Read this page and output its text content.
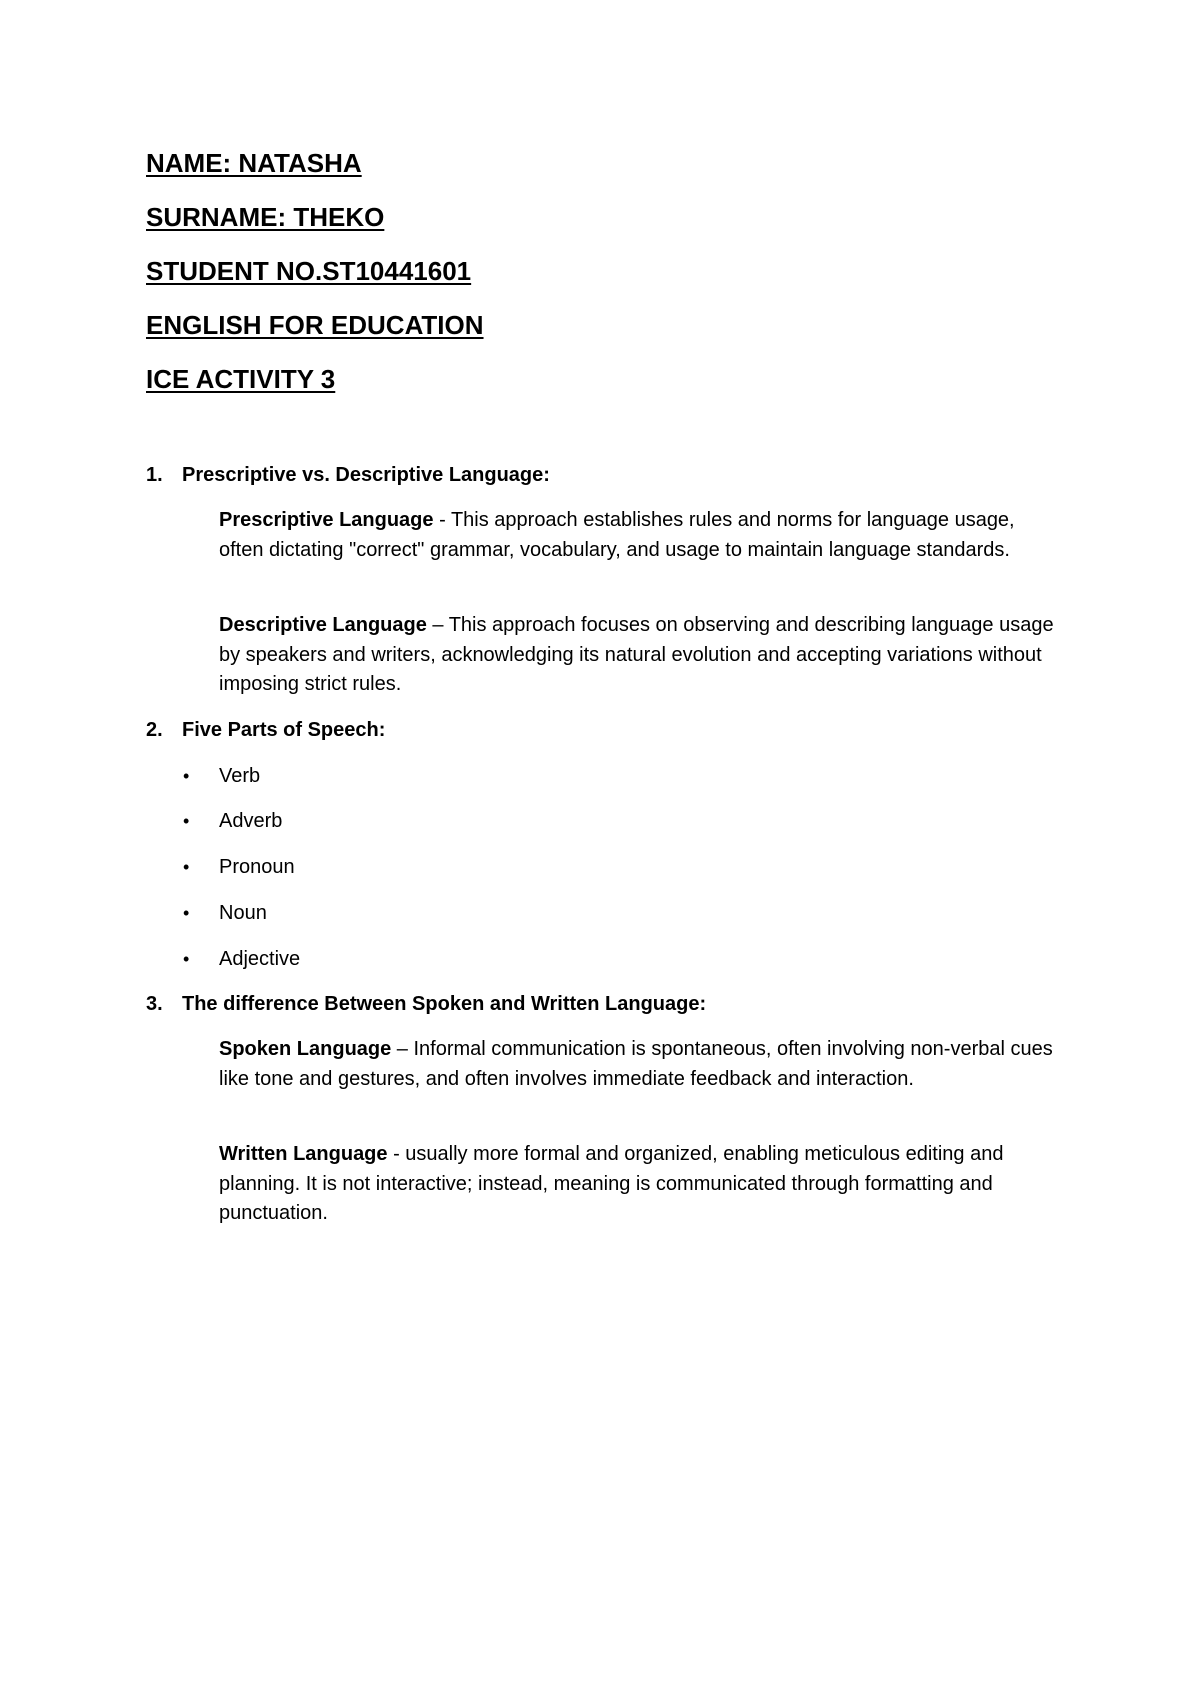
NAME: NATASHA
SURNAME: THEKO
STUDENT NO.ST10441601
ENGLISH FOR EDUCATION
ICE ACTIVITY 3
1. Prescriptive vs. Descriptive Language:
Prescriptive Language - This approach establishes rules and norms for language usage, often dictating "correct" grammar, vocabulary, and usage to maintain language standards.
Descriptive Language – This approach focuses on observing and describing language usage by speakers and writers, acknowledging its natural evolution and accepting variations without imposing strict rules.
2. Five Parts of Speech:
• Verb
• Adverb
• Pronoun
• Noun
• Adjective
3. The difference Between Spoken and Written Language:
Spoken Language – Informal communication is spontaneous, often involving non-verbal cues like tone and gestures, and often involves immediate feedback and interaction.
Written Language - usually more formal and organized, enabling meticulous editing and planning. It is not interactive; instead, meaning is communicated through formatting and punctuation.
